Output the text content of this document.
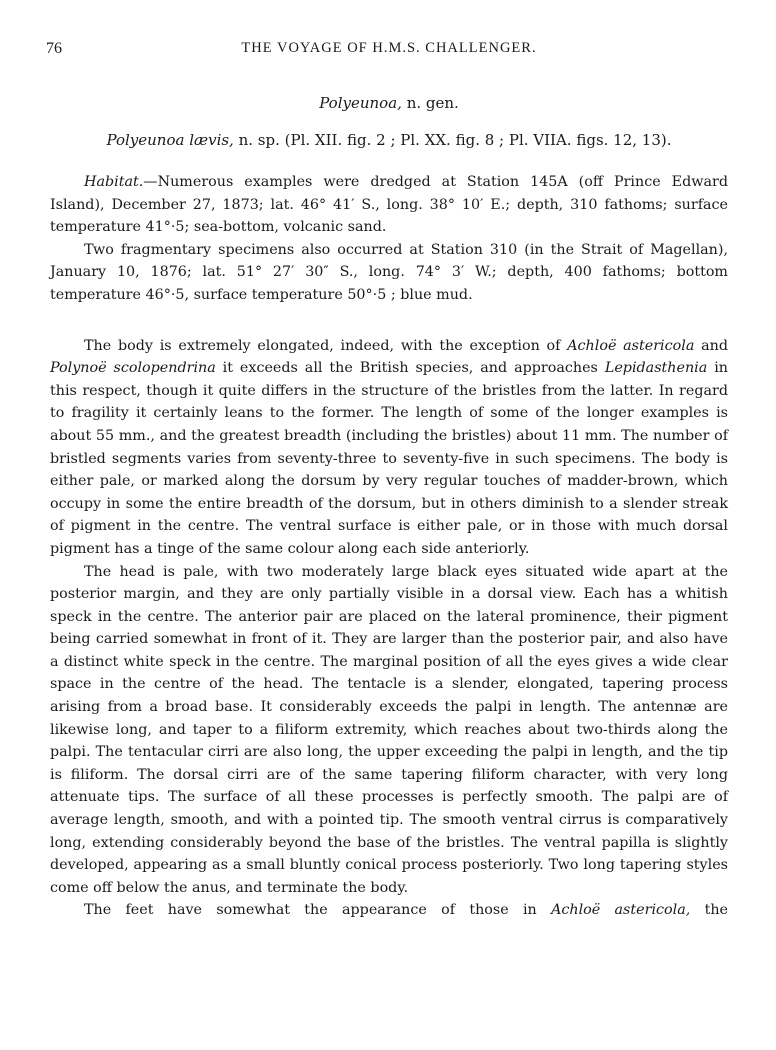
76	THE VOYAGE OF H.M.S. CHALLENGER.
Polyeunoa, n. gen.
Polyeunoa lævis, n. sp. (Pl. XII. fig. 2 ; Pl. XX. fig. 8 ; Pl. VIIA. figs. 12, 13).

Habitat.—Numerous examples were dredged at Station 145A (off Prince Edward Island), December 27, 1873; lat. 46° 41′ S., long. 38° 10′ E.; depth, 310 fathoms; surface temperature 41°·5; sea-bottom, volcanic sand.

Two fragmentary specimens also occurred at Station 310 (in the Strait of Magellan), January 10, 1876; lat. 51° 27′ 30″ S., long. 74° 3′ W.; depth, 400 fathoms; bottom temperature 46°·5, surface temperature 50°·5 ; blue mud.

The body is extremely elongated, indeed, with the exception of Achloë astericola and Polynoë scolopendrina it exceeds all the British species, and approaches Lepidasthenia in this respect, though it quite differs in the structure of the bristles from the latter. In regard to fragility it certainly leans to the former. The length of some of the longer examples is about 55 mm., and the greatest breadth (including the bristles) about 11 mm. The number of bristled segments varies from seventy-three to seventy-five in such specimens. The body is either pale, or marked along the dorsum by very regular touches of madder-brown, which occupy in some the entire breadth of the dorsum, but in others diminish to a slender streak of pigment in the centre. The ventral surface is either pale, or in those with much dorsal pigment has a tinge of the same colour along each side anteriorly.

The head is pale, with two moderately large black eyes situated wide apart at the posterior margin, and they are only partially visible in a dorsal view. Each has a whitish speck in the centre. The anterior pair are placed on the lateral prominence, their pigment being carried somewhat in front of it. They are larger than the posterior pair, and also have a distinct white speck in the centre. The marginal position of all the eyes gives a wide clear space in the centre of the head. The tentacle is a slender, elongated, tapering process arising from a broad base. It considerably exceeds the palpi in length. The antennæ are likewise long, and taper to a filiform extremity, which reaches about two-thirds along the palpi. The tentacular cirri are also long, the upper exceeding the palpi in length, and the tip is filiform. The dorsal cirri are of the same tapering filiform character, with very long attenuate tips. The surface of all these processes is perfectly smooth. The palpi are of average length, smooth, and with a pointed tip. The smooth ventral cirrus is comparatively long, extending considerably beyond the base of the bristles. The ventral papilla is slightly developed, appearing as a small bluntly conical process posteriorly. Two long tapering styles come off below the anus, and terminate the body.

The feet have somewhat the appearance of those in Achloë astericola, the
